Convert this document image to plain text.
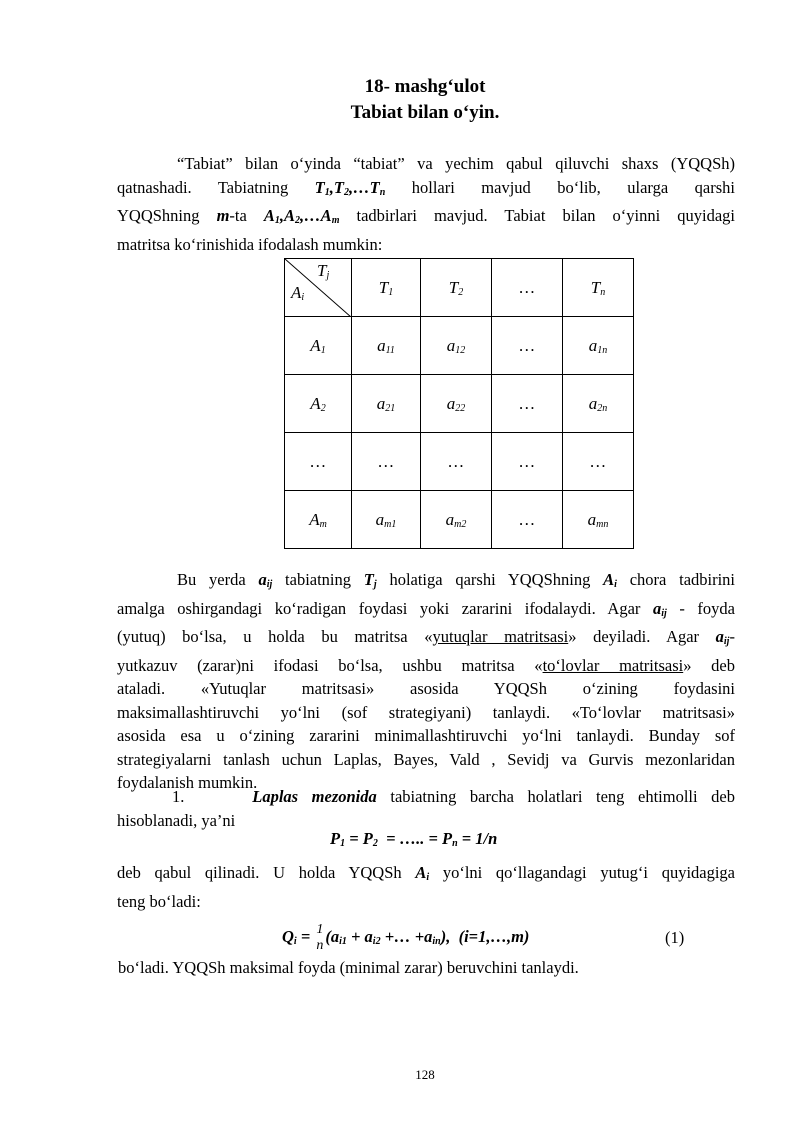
18- mashg‘ulot
Tabiat bilan o‘yin.
“Tabiat” bilan o‘yinda “tabiat” va yechim qabul qiluvchi shaxs (YQQSh)
qatnashadi. Tabiatning $T_1,T_2,\dots T_n$ hollari mavjud bo‘lib, ularga qarshi
YQQShning m-ta $A_1,A_2,\dots A_m$ tadbirlari mavjud. Tabiat bilan o‘yinni quyidagi
matritsa ko‘rinishida ifodalash mumkin:
$T_j$
$A_i$	$T_1$	$T_2$	…	$T_n$
$A_1$	$a_{11}$	$a_{12}$	…	$a_{1n}$
$A_2$	$a_{21}$	$a_{22}$	…	$a_{2n}$
…	…	…	…	…
$A_m$	$a_{m1}$	$a_{m2}$	…	$a_{mn}$
Bu yerda $a_{ij}$ tabiatning $T_j$ holatiga qarshi YQQShning $A_i$ chora tadbirini
amalga oshirgandagi ko‘radigan foydasi yoki zararini ifodalaydi. Agar $a_{ij}$ - foyda
(yutuq) bo‘lsa, u holda bu matritsa «yutuqlar matritsasi» deyiladi. Agar $a_{ij}-$
yutkazuv (zarar)ni ifodasi bo‘lsa, ushbu matritsa «to‘lovlar matritsasi» deb
ataladi. «Yutuqlar matritsasi» asosida YQQSh o‘zining foydasini
maksimallashtiruvchi yo‘lni (sof strategiyani) tanlaydi. «To‘lovlar matritsasi»
asosida esa u o‘zining zararini minimallashtiruvchi yo‘lni tanlaydi. Bunday sof
strategiyalarni tanlash uchun Laplas, Bayes, Vald , Sevidj va Gurvis mezonlaridan
foydalanish mumkin.
1.	Laplas mezonida tabiatning barcha holatlari teng ehtimolli deb
hisoblanadi, ya’ni
$P_1 = P_2$  = ….. = $P_n = 1/n$
deb qabul qilinadi. U holda YQQSh $A_i$ yo‘lni qo‘llagandagi yutug‘i quyidagiga
teng bo‘ladi:
$Q_i = 1$
n ($a_{i1} + a_{i2}$ +… $+a_{in}$),  (i=1,…,m)	(1)
bo‘ladi. YQQSh maksimal foyda (minimal zarar) beruvchini tanlaydi.
128
